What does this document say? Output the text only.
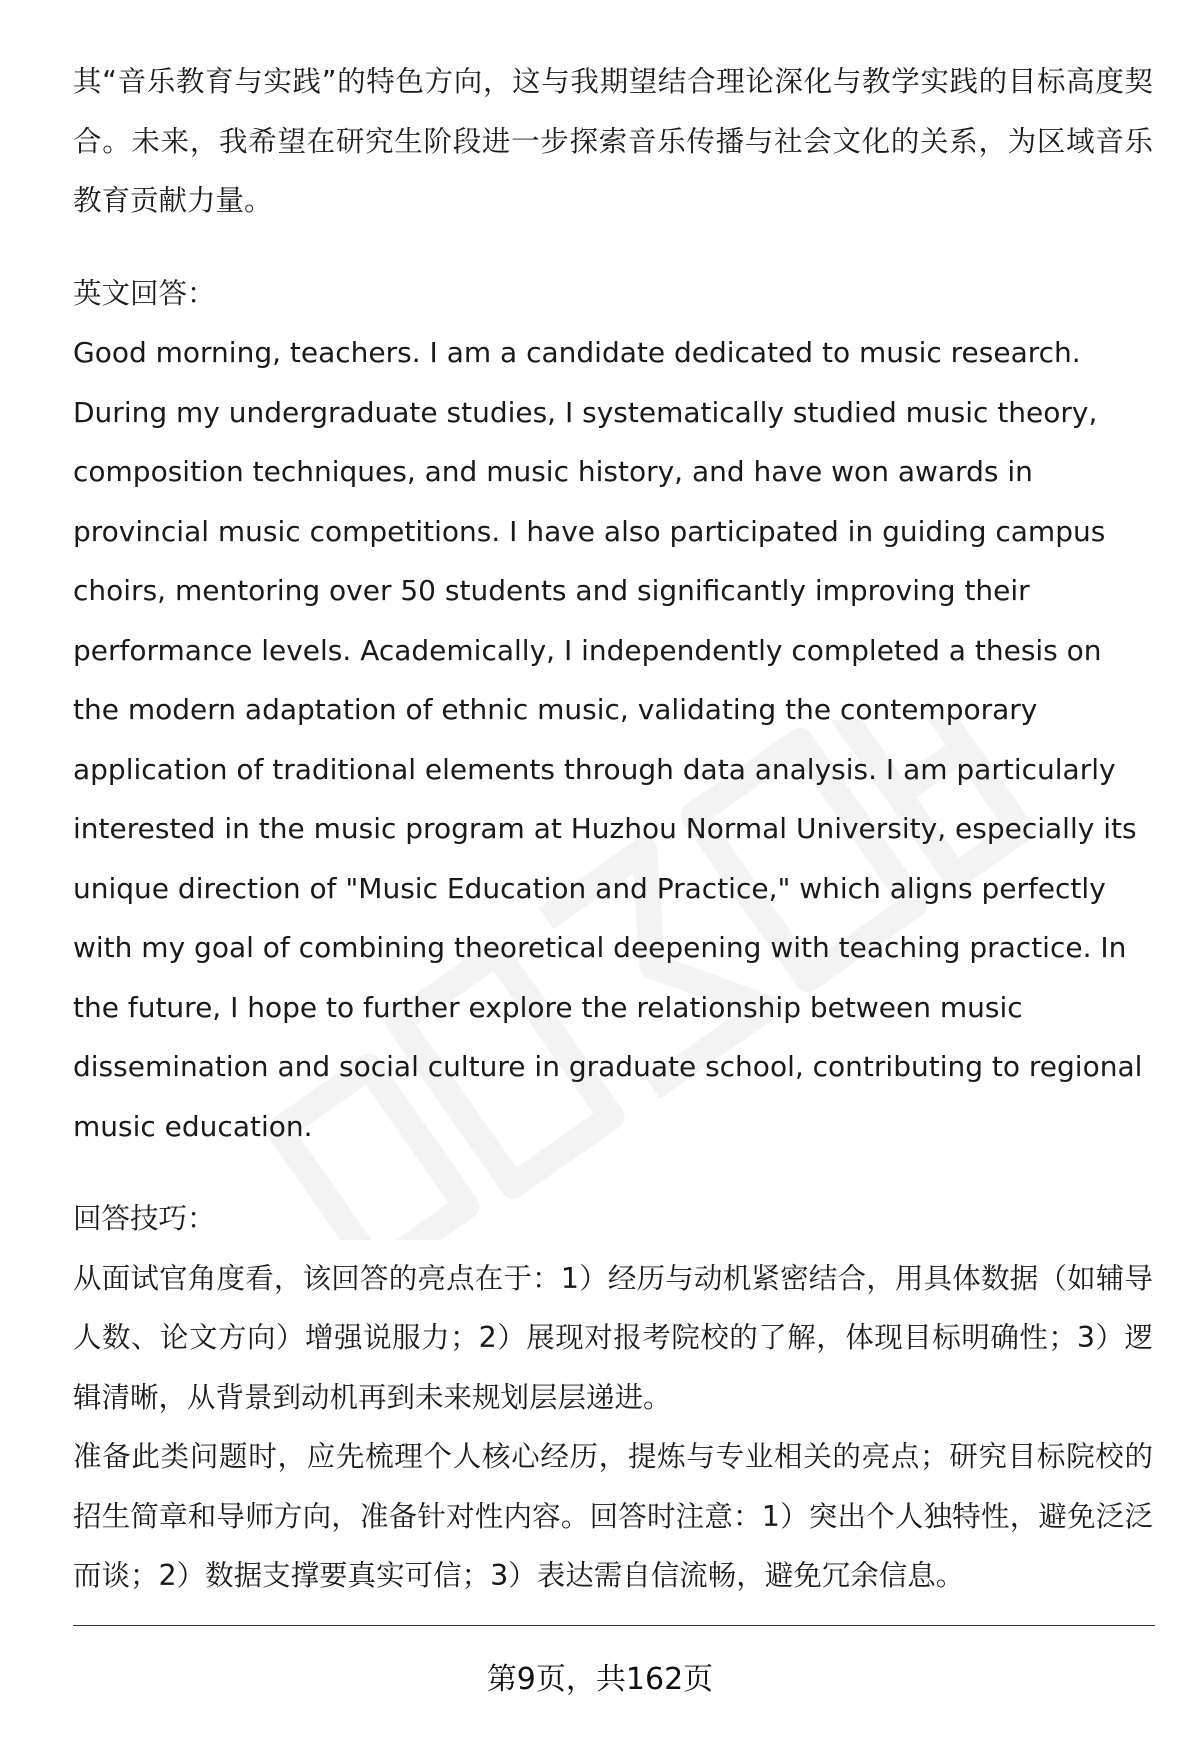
其“音乐教育与实践”的特色方向，这与我期望结合理论深化与教学实践的目标高度契合。未来，我希望在研究生阶段进一步探索音乐传播与社会文化的关系，为区域音乐教育贡献力量。

英文回答：

Good morning, teachers. I am a candidate dedicated to music research. During my undergraduate studies, I systematically studied music theory, composition techniques, and music history, and have won awards in provincial music competitions. I have also participated in guiding campus choirs, mentoring over 50 students and significantly improving their performance levels. Academically, I independently completed a thesis on the modern adaptation of ethnic music, validating the contemporary application of traditional elements through data analysis. I am particularly interested in the music program at Huzhou Normal University, especially its unique direction of "Music Education and Practice," which aligns perfectly with my goal of combining theoretical deepening with teaching practice. In the future, I hope to further explore the relationship between music dissemination and social culture in graduate school, contributing to regional music education.

回答技巧：

从面试官角度看，该回答的亮点在于：1）经历与动机紧密结合，用具体数据（如辅导人数、论文方向）增强说服力；2）展现对报考院校的了解，体现目标明确性；3）逻辑清晰，从背景到动机再到未来规划层层递进。

准备此类问题时，应先梳理个人核心经历，提炼与专业相关的亮点；研究目标院校的招生简章和导师方向，准备针对性内容。回答时注意：1）突出个人独特性，避免泛泛而谈；2）数据支撑要真实可信；3）表达需自信流畅，避免冗余信息。

第9页，共162页
